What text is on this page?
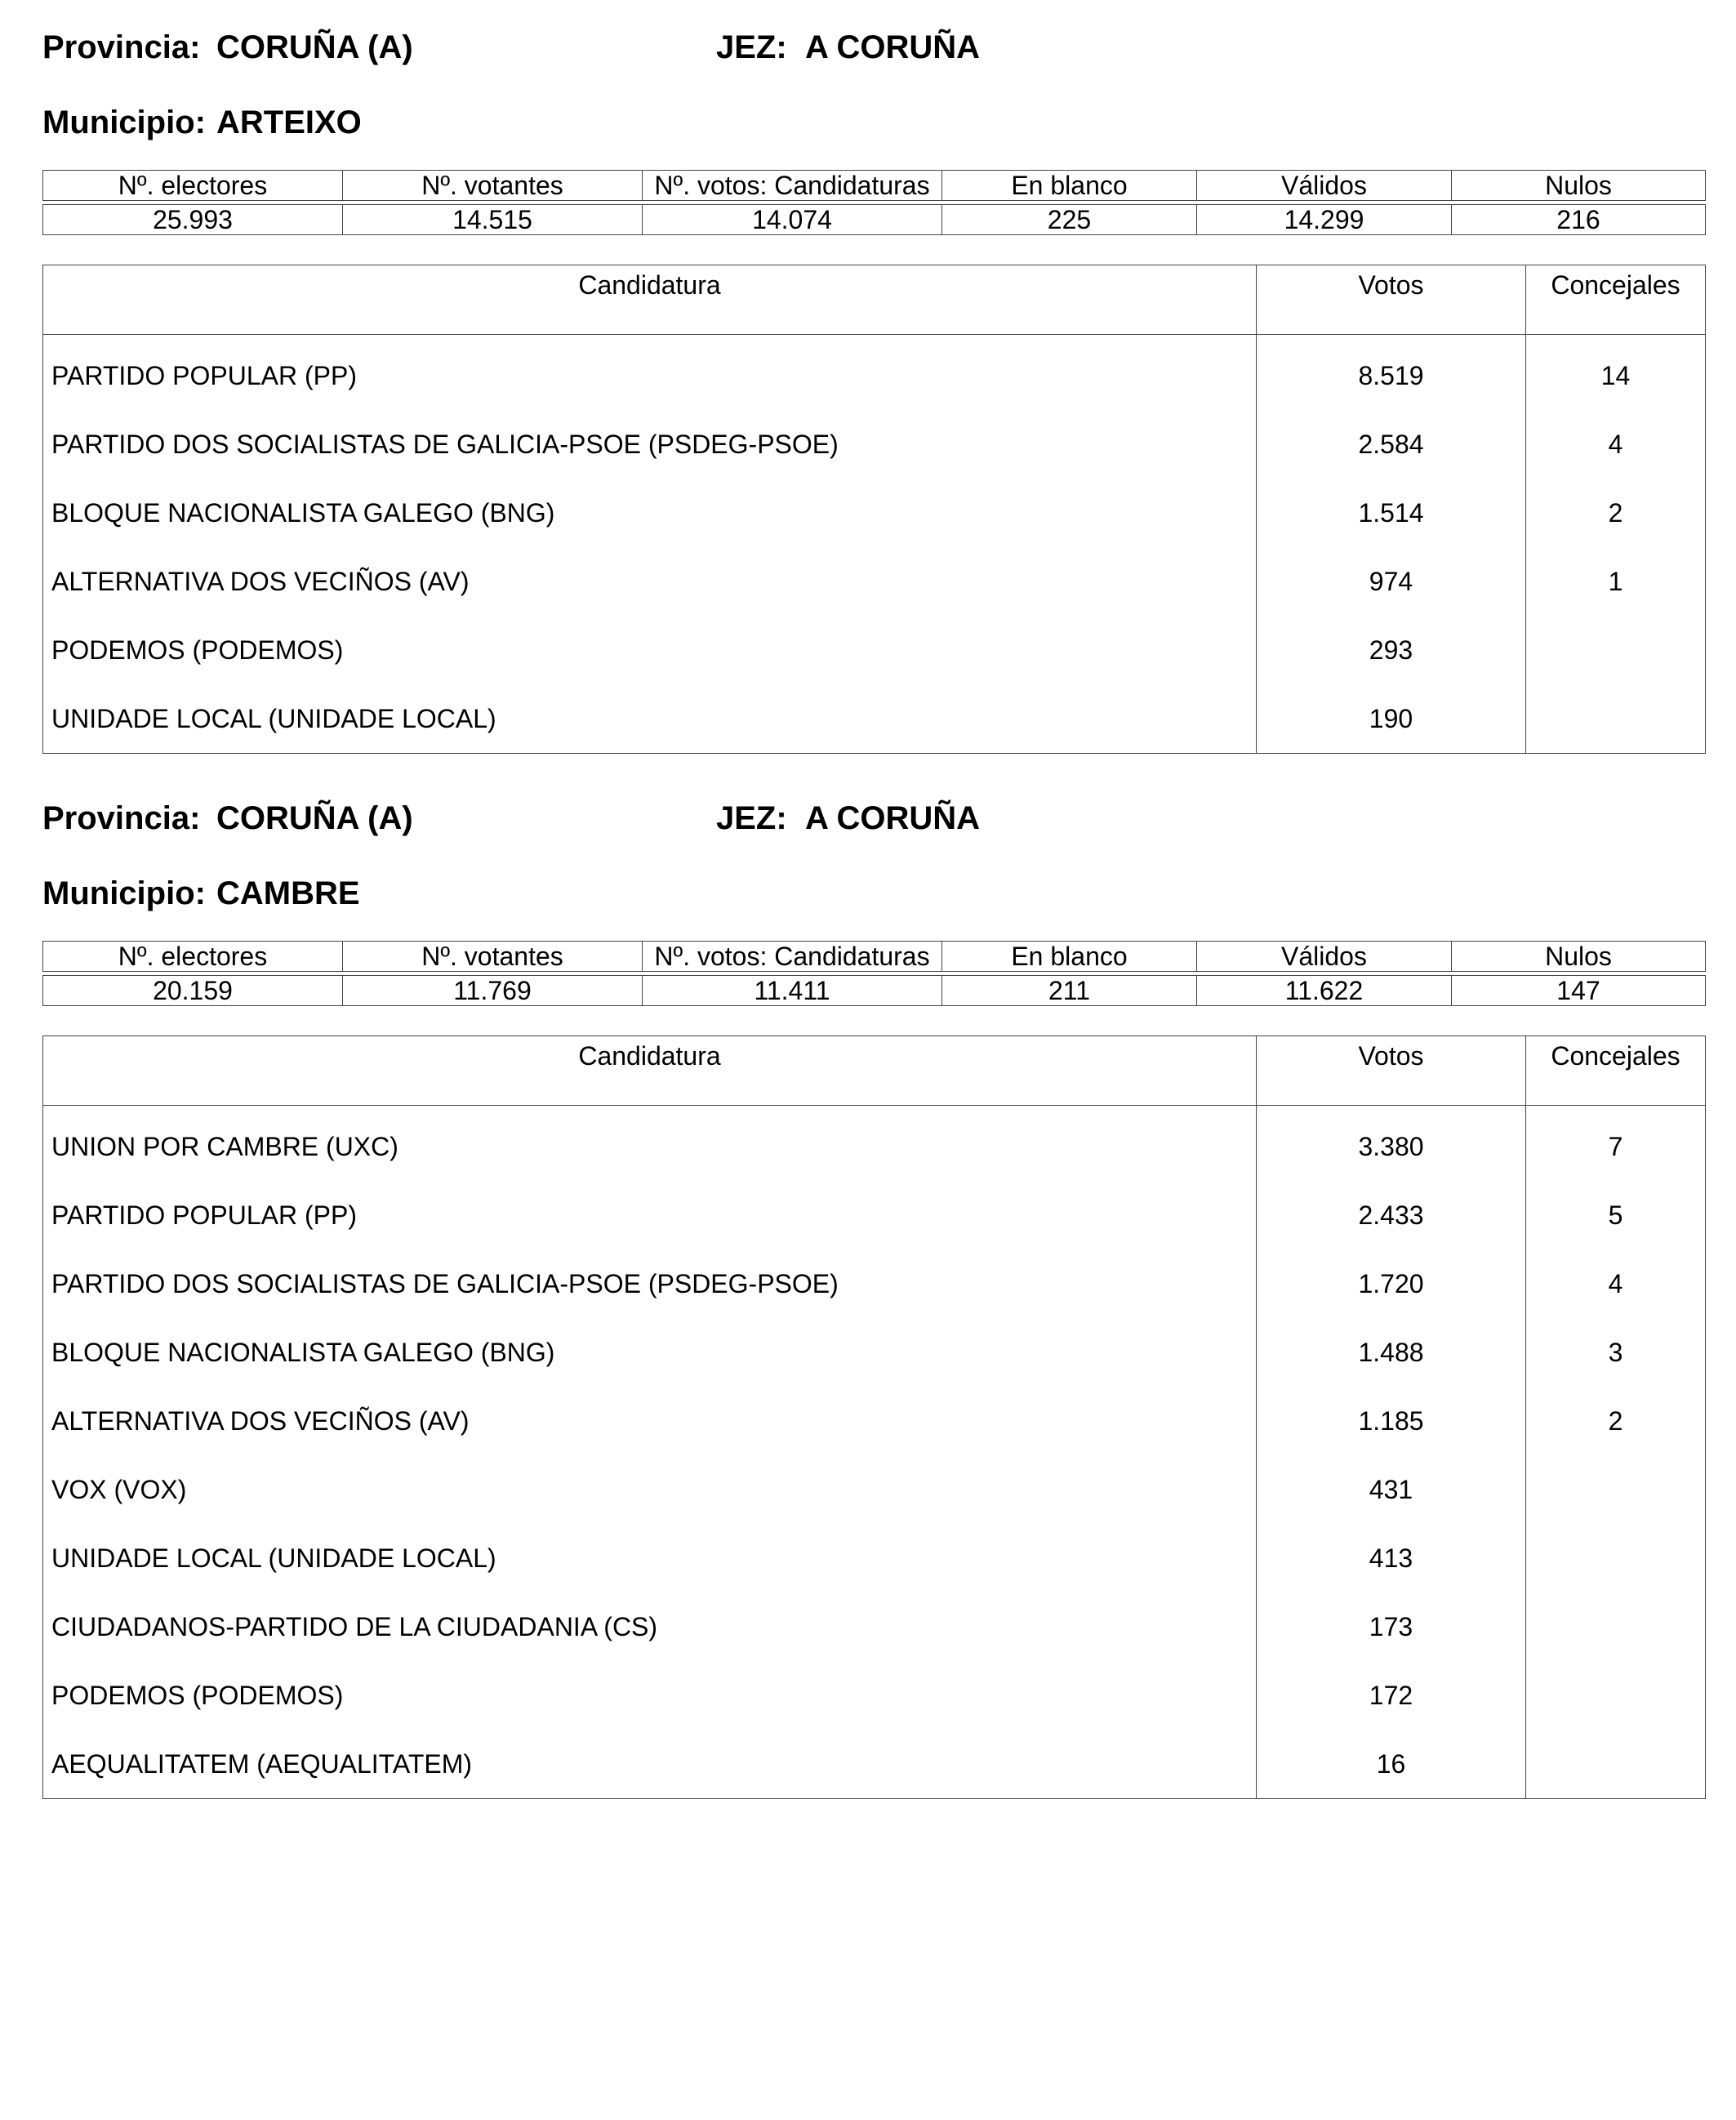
Provincia: CORUÑA (A)	JEZ: A CORUÑA
Municipio: ARTEIXO
Nº. electores	Nº. votantes	Nº. votos: Candidaturas	En blanco	Válidos	Nulos

25.993	14.515	14.074	225	14.299	216
Candidatura	Votos	Concejales
PARTIDO POPULAR (PP)	8.519	14
PARTIDO DOS SOCIALISTAS DE GALICIA-PSOE (PSDEG-PSOE)	2.584	4
BLOQUE NACIONALISTA GALEGO (BNG)	1.514	2
ALTERNATIVA DOS VECIÑOS (AV)	974	1
PODEMOS (PODEMOS)	293	
UNIDADE LOCAL (UNIDADE LOCAL)	190	
Provincia: CORUÑA (A)	JEZ: A CORUÑA
Municipio: CAMBRE
Nº. electores	Nº. votantes	Nº. votos: Candidaturas	En blanco	Válidos	Nulos

20.159	11.769	11.411	211	11.622	147
Candidatura	Votos	Concejales
UNION POR CAMBRE (UXC)	3.380	7
PARTIDO POPULAR (PP)	2.433	5
PARTIDO DOS SOCIALISTAS DE GALICIA-PSOE (PSDEG-PSOE)	1.720	4
BLOQUE NACIONALISTA GALEGO (BNG)	1.488	3
ALTERNATIVA DOS VECIÑOS (AV)	1.185	2
VOX (VOX)	431	
UNIDADE LOCAL (UNIDADE LOCAL)	413	
CIUDADANOS-PARTIDO DE LA CIUDADANIA (CS)	173	
PODEMOS (PODEMOS)	172	
AEQUALITATEM (AEQUALITATEM)	16	
